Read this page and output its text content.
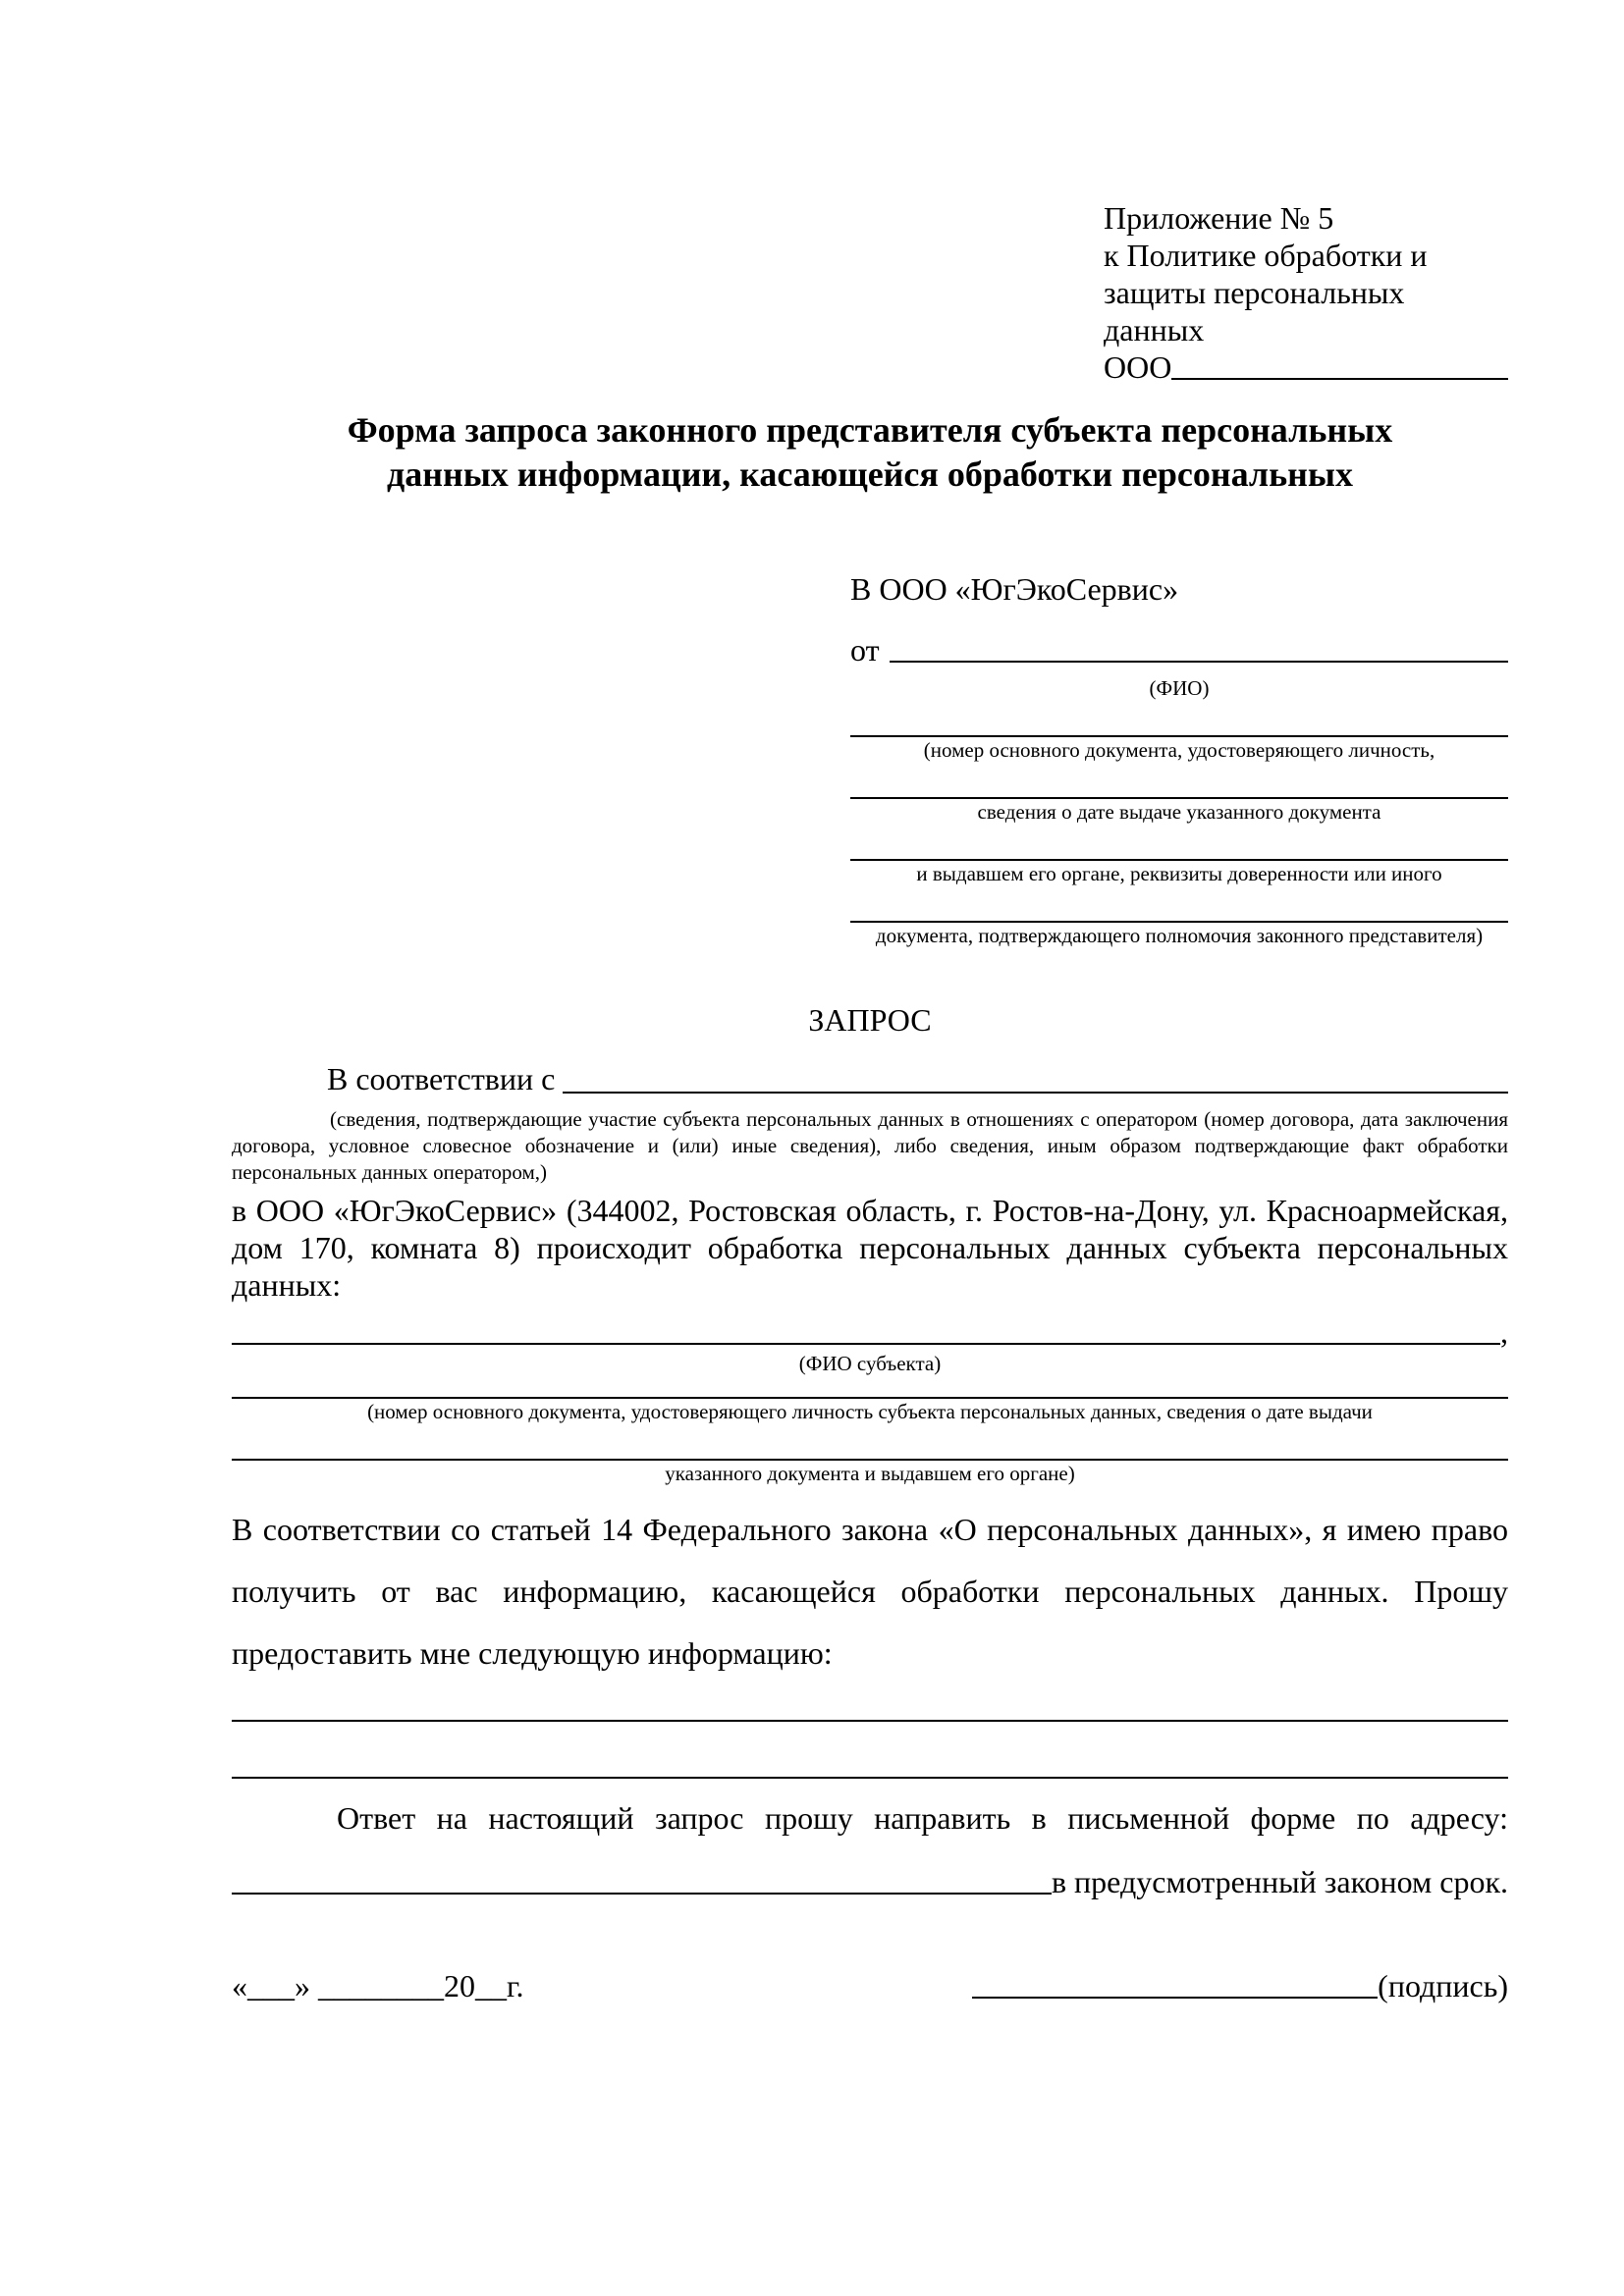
Приложение № 5
к Политике обработки и
защиты персональных данных
ООО
Форма запроса законного представителя субъекта персональных
данных информации, касающейся обработки персональных
В ООО «ЮгЭкоСервис»
от
(ФИО)
(номер основного документа, удостоверяющего личность,
сведения о дате выдаче указанного документа
и выдавшем его органе, реквизиты доверенности или иного
документа, подтверждающего полномочия законного представителя)
ЗАПРОС
В соответствии с

(сведения, подтверждающие участие субъекта персональных данных в отношениях с оператором (номер договора, дата заключения договора, условное словесное обозначение и (или) иные сведения), либо сведения, иным образом подтверждающие факт обработки персональных данных оператором,)

в ООО «ЮгЭкоСервис» (344002, Ростовская область, г. Ростов-на-Дону, ул. Красноармейская, дом 170, комната 8) происходит обработка персональных данных субъекта персональных данных:

,
(ФИО субъекта)
(номер основного документа, удостоверяющего личность субъекта персональных данных, сведения о дате выдачи
указанного документа и выдавшем его органе)

В соответствии со статьей 14 Федерального закона «О персональных данных», я имею право получить от вас информацию, касающейся обработки персональных данных. Прошу предоставить мне следующую информацию:

Ответ на настоящий запрос прошу направить в письменной форме по адресу:

в предусмотренный законом срок.
«___» ________20__г.	(подпись)
